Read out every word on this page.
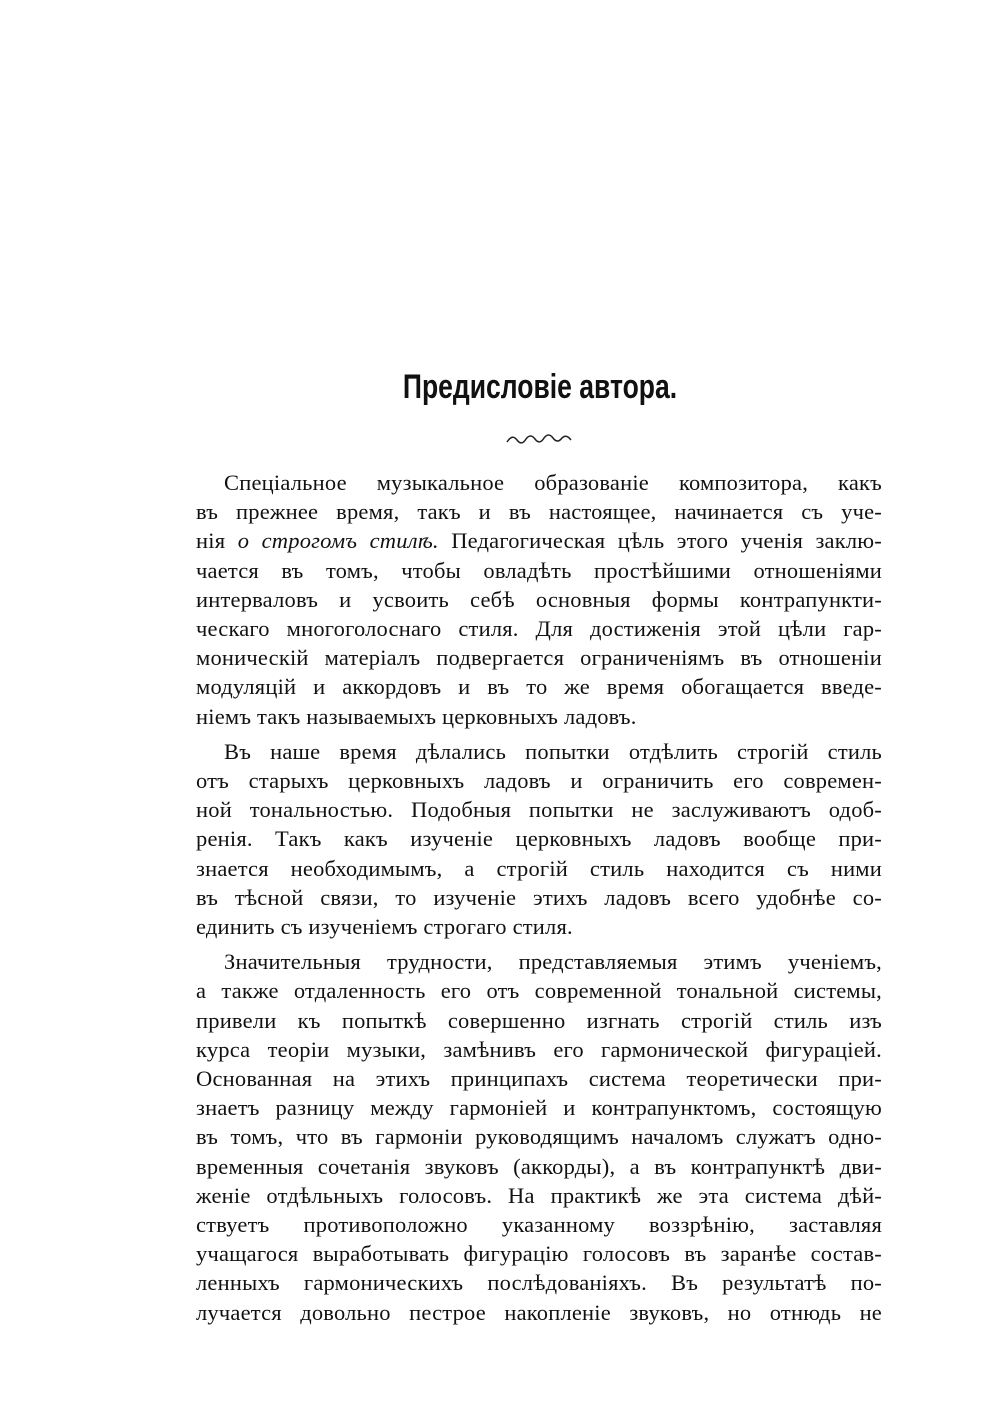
Предисловіе автора.
Спеціальное музыкальное образованіе композитора, какъ
въ прежнее время, такъ и въ настоящее, начинается съ уче-
нія о строгомъ стилѣ. Педагогическая цѣль этого ученія заклю-
чается въ томъ, чтобы овладѣть простѣйшими отношеніями
интерваловъ и усвоить себѣ основныя формы контрапункти-
ческаго многоголоснаго стиля. Для достиженія этой цѣли гар-
моническій матеріалъ подвергается ограниченіямъ въ отношеніи
модуляцій и аккордовъ и въ то же время обогащается введе-
ніемъ такъ называемыхъ церковныхъ ладовъ.
Въ наше время дѣлались попытки отдѣлить строгій стиль
отъ старыхъ церковныхъ ладовъ и ограничить его современ-
ной тональностью. Подобныя попытки не заслуживаютъ одоб-
ренія. Такъ какъ изученіе церковныхъ ладовъ вообще при-
знается необходимымъ, а строгій стиль находится съ ними
въ тѣсной связи, то изученіе этихъ ладовъ всего удобнѣе со-
единить съ изученіемъ строгаго стиля.
Значительныя трудности, представляемыя этимъ ученіемъ,
а также отдаленность его отъ современной тональной системы,
привели къ попыткѣ совершенно изгнать строгій стиль изъ
курса теоріи музыки, замѣнивъ его гармонической фигураціей.
Основанная на этихъ принципахъ система теоретически при-
знаетъ разницу между гармоніей и контрапунктомъ, состоящую
въ томъ, что въ гармоніи руководящимъ началомъ служатъ одно-
временныя сочетанія звуковъ (аккорды), а въ контрапунктѣ дви-
женіе отдѣльныхъ голосовъ. На практикѣ же эта система дѣй-
ствуетъ противоположно указанному воззрѣнію, заставляя
учащагося выработывать фигурацію голосовъ въ заранѣе состав-
ленныхъ гармоническихъ послѣдованіяхъ. Въ результатѣ по-
лучается довольно пестрое накопленіе звуковъ, но отнюдь не
